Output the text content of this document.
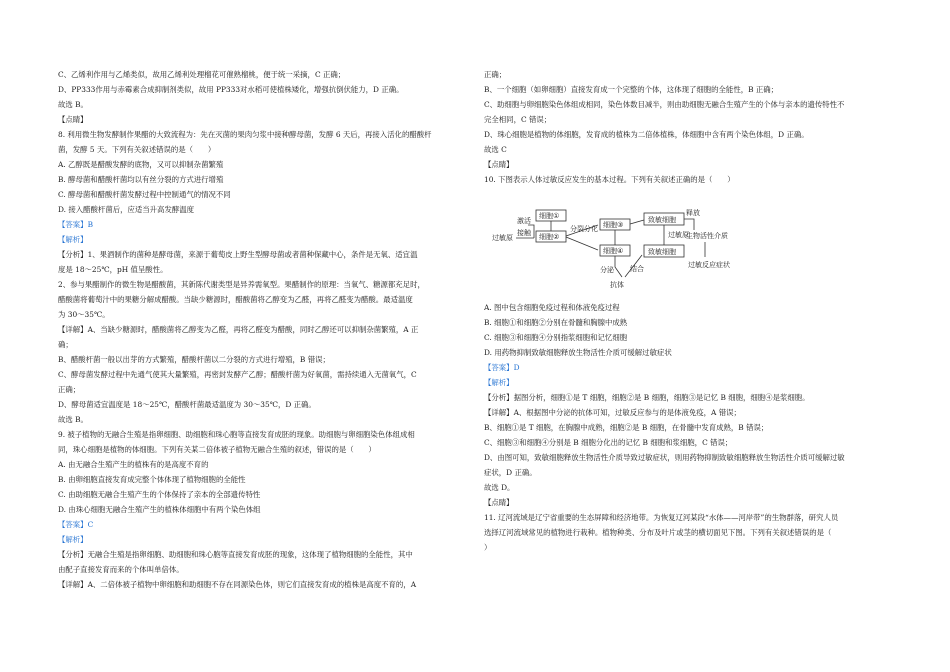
C、乙烯利作用与乙烯类似，故用乙烯利处理榴花可催熟榴桃，便于统一采摘，C 正确；
D、PP333作用与赤霉素合成抑制剂类似，故用 PP333对水稻可使植株矮化，增强抗倒伏能力，D 正确。
故选 B。
【点睛】
8. 利用微生物发酵制作果醋的大致流程为：先在灭菌的果肉匀浆中接种酵母菌，发酵 6 天后，再接入活化的醋酸杆
菌，发酵 5 天。下列有关叙述错误的是（　　）
A. 乙醇既是醋酸发酵的底物，又可以抑制杂菌繁殖
B. 酵母菌和醋酸杆菌均以有丝分裂的方式进行增殖
C. 酵母菌和醋酸杆菌发酵过程中控制通气的情况不同
D. 接入醋酸杆菌后，应适当升高发酵温度
【答案】B
【解析】
【分析】1、果酒制作的菌种是酵母菌，来源于葡萄皮上野生型酵母菌或者菌种保藏中心，条件是无氧、适宜温
度是 18～25℃，pH 值呈酸性。
2、参与果醋制作的微生物是醋酸菌，其新陈代谢类型是异养需氧型。果醋制作的原理：当氧气、糖源都充足时，
醋酸菌将葡萄汁中的果糖分解成醋酸。当缺少糖源时，醋酸菌将乙醇变为乙醛，再将乙醛变为醋酸。最适温度
为 30～35℃。
【详解】A、当缺少糖源时，醋酸菌将乙醇变为乙醛，再将乙醛变为醋酸，同时乙醇还可以抑制杂菌繁殖，A 正
确；
B、醋酸杆菌一般以出芽的方式繁殖，醋酸杆菌以二分裂的方式进行增殖，B 错误；
C、酵母菌发酵过程中先通气使其大量繁殖，再密封发酵产乙醇；醋酸杆菌为好氧菌，需持续通入无菌氧气，C
正确；
D、酵母菌适宜温度是 18～25℃，醋酸杆菌最适温度为 30～35℃，D 正确。
故选 B。
9. 被子植物的无融合生殖是指卵细胞、助细胞和珠心胞等直接发育成胚的现象。助细胞与卵细胞染色体组成相
同，珠心细胞是植物的体细胞。下列有关某二倍体被子植物无融合生殖的叙述，错误的是（　　）
A. 由无融合生殖产生的植株有的是高度不育的
B. 由卵细胞直接发育成完整个体体现了植物细胞的全能性
C. 由助细胞无融合生殖产生的个体保持了亲本的全部遗传特性
D. 由珠心细胞无融合生殖产生的植株体细胞中有两个染色体组
【答案】C
【解析】
【分析】无融合生殖是指卵细胞、助细胞和珠心胞等直接发育成胚的现象，这体现了植物细胞的全能性，其中
由配子直接发育而来的个体叫单倍体。
【详解】A、二倍体被子植物中卵细胞和助细胞不存在同源染色体，则它们直接发育成的植株是高度不育的，A
正确；
B、一个细胞（如卵细胞）直接发育成一个完整的个体，这体现了细胞的全能性，B 正确；
C、助细胞与卵细胞染色体组成相同，染色体数目减半，则由助细胞无融合生殖产生的个体与亲本的遗传特性不
完全相同，C 错误；
D、珠心细胞是植物的体细胞，发育成的植株为二倍体植株，体细胞中含有两个染色体组，D 正确。
故选 C
【点睛】
10. 下图表示人体过敏反应发生的基本过程。下列有关叙述正确的是（　　）
过敏原
接触
激活
细胞①
细胞②
分裂分化 细胞③
细胞④
分泌
抗体
结合
致敏细胞
致敏细胞
过敏原
释放
生物活性介质
过敏反应症状
A. 图中包含细胞免疫过程和体液免疫过程
B. 细胞①和细胞②分别在骨髓和胸腺中成熟
C. 细胞③和细胞④分别指浆细胞和记忆细胞
D. 用药物抑制致敏细胞释放生物活性介质可缓解过敏症状
【答案】D
【解析】
【分析】据图分析，细胞①是 T 细胞，细胞②是 B 细胞，细胞③是记忆 B 细胞，细胞④是浆细胞。
【详解】A、根据图中分泌的抗体可知，过敏反应参与的是体液免疫，A 错误；
B、细胞①是 T 细胞，在胸腺中成熟，细胞②是 B 细胞，在骨髓中发育成熟，B 错误；
C、细胞③和细胞④分别是 B 细胞分化出的记忆 B 细胞和浆细胞，C 错误；
D、由图可知，致敏细胞释放生物活性介质导致过敏症状，则用药物抑制致敏细胞释放生物活性介质可缓解过敏
症状，D 正确。
故选 D。
【点睛】
11. 辽河流域是辽宁省重要的生态屏障和经济地带。为恢复辽河某段“水体——河岸带”的生物群落，研究人员
选择辽河流域常见的植物进行栽种。植物种类、分布及叶片或茎的横切面见下图。下列有关叙述错误的是（
）
